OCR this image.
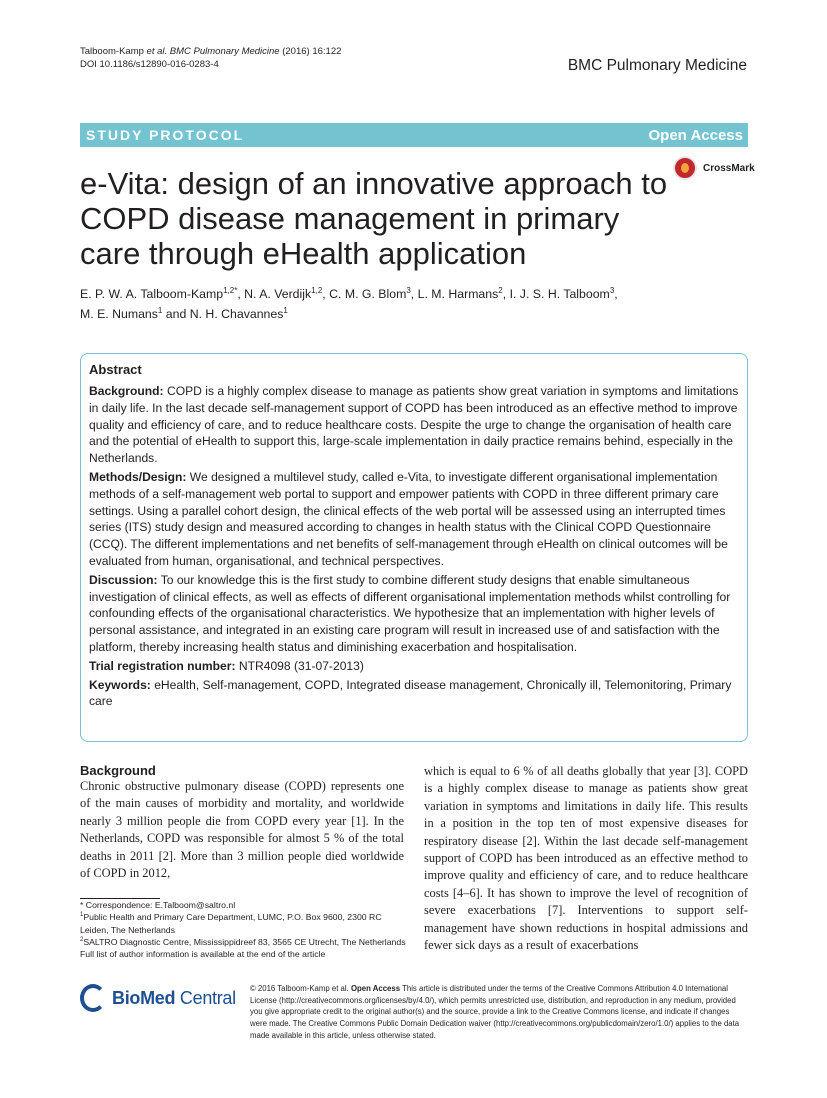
Talboom-Kamp et al. BMC Pulmonary Medicine (2016) 16:122
DOI 10.1186/s12890-016-0283-4	BMC Pulmonary Medicine
STUDY PROTOCOL	Open Access
CrossMark
e-Vita: design of an innovative approach to COPD disease management in primary care through eHealth application
E. P. W. A. Talboom-Kamp$^{1,2*}$, N. A. Verdijk$^{1,2}$, C. M. G. Blom$^3$, L. M. Harmans$^2$, I. J. S. H. Talboom$^3$,
M. E. Numans$^1$ and N. H. Chavannes$^1$
Abstract
Background: COPD is a highly complex disease to manage as patients show great variation in symptoms and limitations in daily life. In the last decade self-management support of COPD has been introduced as an effective method to improve quality and efficiency of care, and to reduce healthcare costs. Despite the urge to change the organisation of health care and the potential of eHealth to support this, large-scale implementation in daily practice remains behind, especially in the Netherlands.
Methods/Design: We designed a multilevel study, called e-Vita, to investigate different organisational implementation methods of a self-management web portal to support and empower patients with COPD in three different primary care settings. Using a parallel cohort design, the clinical effects of the web portal will be assessed using an interrupted times series (ITS) study design and measured according to changes in health status with the Clinical COPD Questionnaire (CCQ). The different implementations and net benefits of self-management through eHealth on clinical outcomes will be evaluated from human, organisational, and technical perspectives.
Discussion: To our knowledge this is the first study to combine different study designs that enable simultaneous investigation of clinical effects, as well as effects of different organisational implementation methods whilst controlling for confounding effects of the organisational characteristics. We hypothesize that an implementation with higher levels of personal assistance, and integrated in an existing care program will result in increased use of and satisfaction with the platform, thereby increasing health status and diminishing exacerbation and hospitalisation.
Trial registration number: NTR4098 (31-07-2013)
Keywords: eHealth, Self-management, COPD, Integrated disease management, Chronically ill, Telemonitoring, Primary care
Background
Chronic obstructive pulmonary disease (COPD) represents one of the main causes of morbidity and mortality, and worldwide nearly 3 million people die from COPD every year [1]. In the Netherlands, COPD was responsible for almost 5 % of the total deaths in 2011 [2]. More than 3 million people died worldwide of COPD in 2012,
which is equal to 6 % of all deaths globally that year [3]. COPD is a highly complex disease to manage as patients show great variation in symptoms and limitations in daily life. This results in a position in the top ten of most expensive diseases for respiratory disease [2]. Within the last decade self-management support of COPD has been introduced as an effective method to improve quality and efficiency of care, and to reduce healthcare costs [4–6]. It has shown to improve the level of recognition of severe exacerbations [7]. Interventions to support self-management have shown reductions in hospital admissions and fewer sick days as a result of exacerbations
* Correspondence: E.Talboom@saltro.nl
$^1$Public Health and Primary Care Department, LUMC, P.O. Box 9600, 2300 RC Leiden, The Netherlands
$^2$SALTRO Diagnostic Centre, Mississippidreef 83, 3565 CE Utrecht, The Netherlands
Full list of author information is available at the end of the article
BioMed Central © 2016 Talboom-Kamp et al. Open Access This article is distributed under the terms of the Creative Commons Attribution 4.0 International License (http://creativecommons.org/licenses/by/4.0/), which permits unrestricted use, distribution, and reproduction in any medium, provided you give appropriate credit to the original author(s) and the source, provide a link to the Creative Commons license, and indicate if changes were made. The Creative Commons Public Domain Dedication waiver (http://creativecommons.org/publicdomain/zero/1.0/) applies to the data made available in this article, unless otherwise stated.
